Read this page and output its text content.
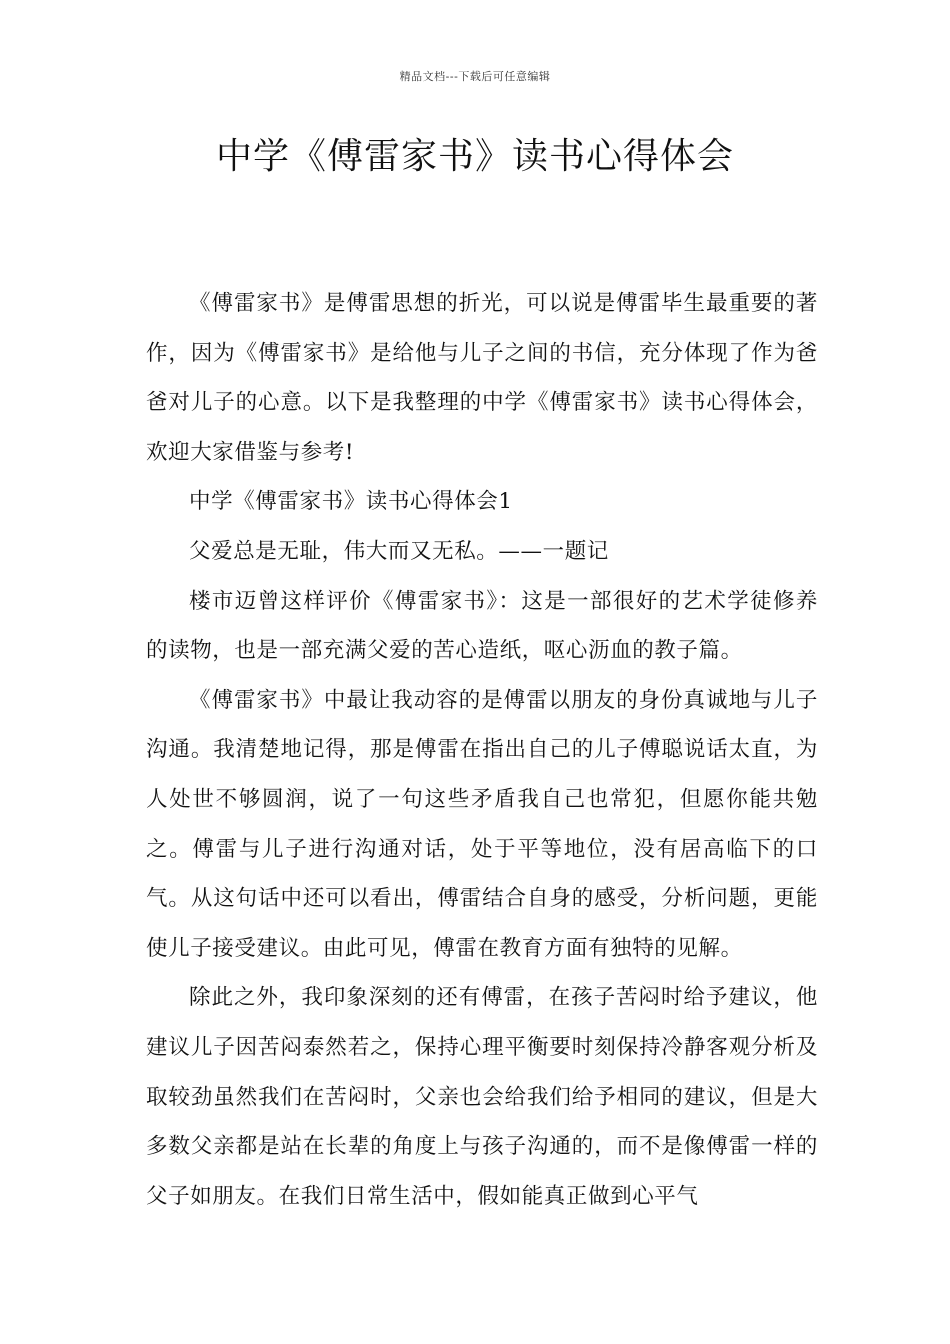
精品文档---下载后可任意编辑
中学《傅雷家书》读书心得体会

《傅雷家书》是傅雷思想的折光，可以说是傅雷毕生最重要的著作，因为《傅雷家书》是给他与儿子之间的书信，充分体现了作为爸爸对儿子的心意。以下是我整理的中学《傅雷家书》读书心得体会，欢迎大家借鉴与参考!

中学《傅雷家书》读书心得体会1

父爱总是无耻，伟大而又无私。——一题记

楼市迈曾这样评价《傅雷家书》：这是一部很好的艺术学徒修养的读物，也是一部充满父爱的苦心造纸，呕心沥血的教子篇。

《傅雷家书》中最让我动容的是傅雷以朋友的身份真诚地与儿子沟通。我清楚地记得，那是傅雷在指出自己的儿子傅聪说话太直，为人处世不够圆润，说了一句这些矛盾我自己也常犯，但愿你能共勉之。傅雷与儿子进行沟通对话，处于平等地位，没有居高临下的口气。从这句话中还可以看出，傅雷结合自身的感受，分析问题，更能使儿子接受建议。由此可见，傅雷在教育方面有独特的见解。

除此之外，我印象深刻的还有傅雷，在孩子苦闷时给予建议，他建议儿子因苦闷泰然若之，保持心理平衡要时刻保持冷静客观分析及取较劲虽然我们在苦闷时，父亲也会给我们给予相同的建议，但是大多数父亲都是站在长辈的角度上与孩子沟通的，而不是像傅雷一样的父子如朋友。在我们日常生活中，假如能真正做到心平气
